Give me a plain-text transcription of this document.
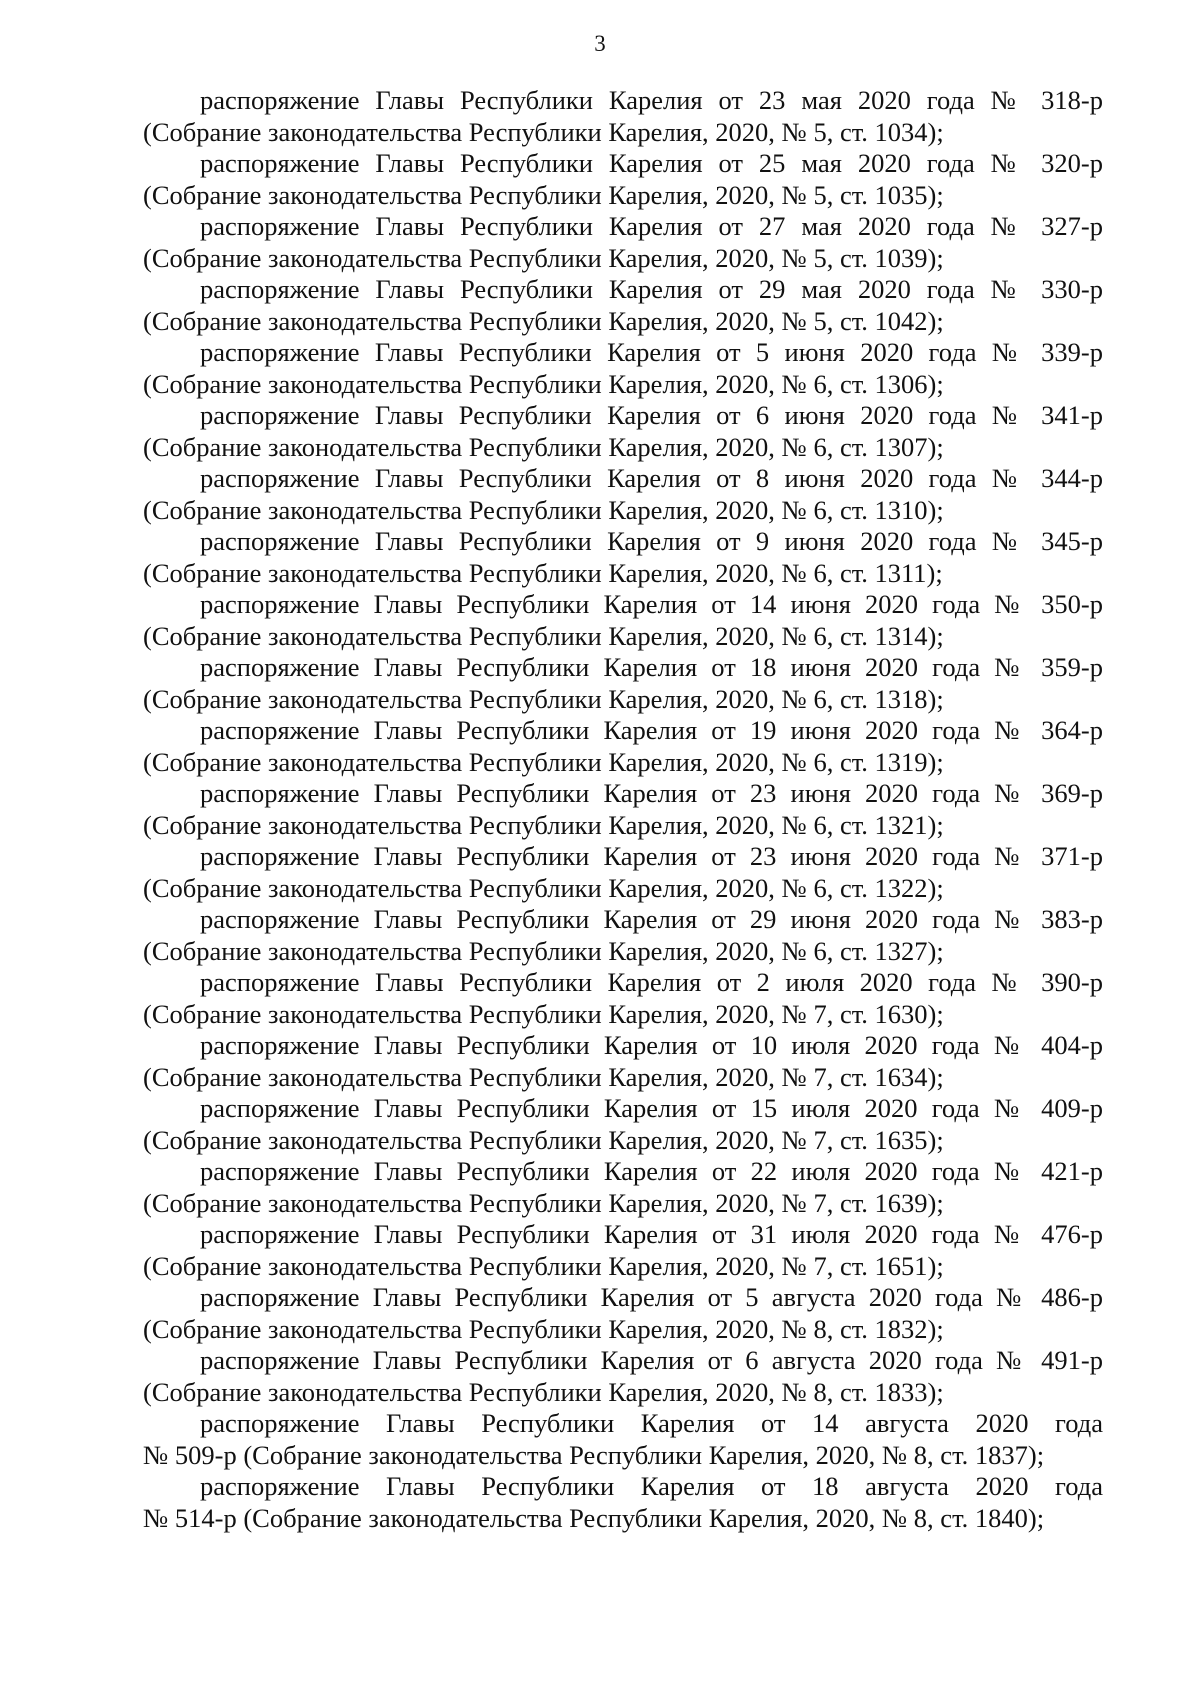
3

распоряжение Главы Республики Карелия от 23 мая 2020 года № 318-р
(Собрание законодательства Республики Карелия, 2020, № 5, ст. 1034);

распоряжение Главы Республики Карелия от 25 мая 2020 года № 320-р
(Собрание законодательства Республики Карелия, 2020, № 5, ст. 1035);

распоряжение Главы Республики Карелия от 27 мая 2020 года № 327-р
(Собрание законодательства Республики Карелия, 2020, № 5, ст. 1039);

распоряжение Главы Республики Карелия от 29 мая 2020 года № 330-р
(Собрание законодательства Республики Карелия, 2020, № 5, ст. 1042);

распоряжение Главы Республики Карелия от 5 июня 2020 года № 339-р
(Собрание законодательства Республики Карелия, 2020, № 6, ст. 1306);

распоряжение Главы Республики Карелия от 6 июня 2020 года № 341-р
(Собрание законодательства Республики Карелия, 2020, № 6, ст. 1307);

распоряжение Главы Республики Карелия от 8 июня 2020 года № 344-р
(Собрание законодательства Республики Карелия, 2020, № 6, ст. 1310);

распоряжение Главы Республики Карелия от 9 июня 2020 года № 345-р
(Собрание законодательства Республики Карелия, 2020, № 6, ст. 1311);

распоряжение Главы Республики Карелия от 14 июня 2020 года № 350-р
(Собрание законодательства Республики Карелия, 2020, № 6, ст. 1314);

распоряжение Главы Республики Карелия от 18 июня 2020 года № 359-р
(Собрание законодательства Республики Карелия, 2020, № 6, ст. 1318);

распоряжение Главы Республики Карелия от 19 июня 2020 года № 364-р
(Собрание законодательства Республики Карелия, 2020, № 6, ст. 1319);

распоряжение Главы Республики Карелия от 23 июня 2020 года № 369-р
(Собрание законодательства Республики Карелия, 2020, № 6, ст. 1321);

распоряжение Главы Республики Карелия от 23 июня 2020 года № 371-р
(Собрание законодательства Республики Карелия, 2020, № 6, ст. 1322);

распоряжение Главы Республики Карелия от 29 июня 2020 года № 383-р
(Собрание законодательства Республики Карелия, 2020, № 6, ст. 1327);

распоряжение Главы Республики Карелия от 2 июля 2020 года № 390-р
(Собрание законодательства Республики Карелия, 2020, № 7, ст. 1630);

распоряжение Главы Республики Карелия от 10 июля 2020 года № 404-р
(Собрание законодательства Республики Карелия, 2020, № 7, ст. 1634);

распоряжение Главы Республики Карелия от 15 июля 2020 года № 409-р
(Собрание законодательства Республики Карелия, 2020, № 7, ст. 1635);

распоряжение Главы Республики Карелия от 22 июля 2020 года № 421-р
(Собрание законодательства Республики Карелия, 2020, № 7, ст. 1639);

распоряжение Главы Республики Карелия от 31 июля 2020 года № 476-р
(Собрание законодательства Республики Карелия, 2020, № 7, ст. 1651);

распоряжение Главы Республики Карелия от 5 августа 2020 года № 486-р
(Собрание законодательства Республики Карелия, 2020, № 8, ст. 1832);

распоряжение Главы Республики Карелия от 6 августа 2020 года № 491-р
(Собрание законодательства Республики Карелия, 2020, № 8, ст. 1833);

распоряжение Главы Республики Карелия от 14 августа 2020 года
№ 509-р (Собрание законодательства Республики Карелия, 2020, № 8, ст. 1837);

распоряжение Главы Республики Карелия от 18 августа 2020 года
№ 514-р (Собрание законодательства Республики Карелия, 2020, № 8, ст. 1840);
